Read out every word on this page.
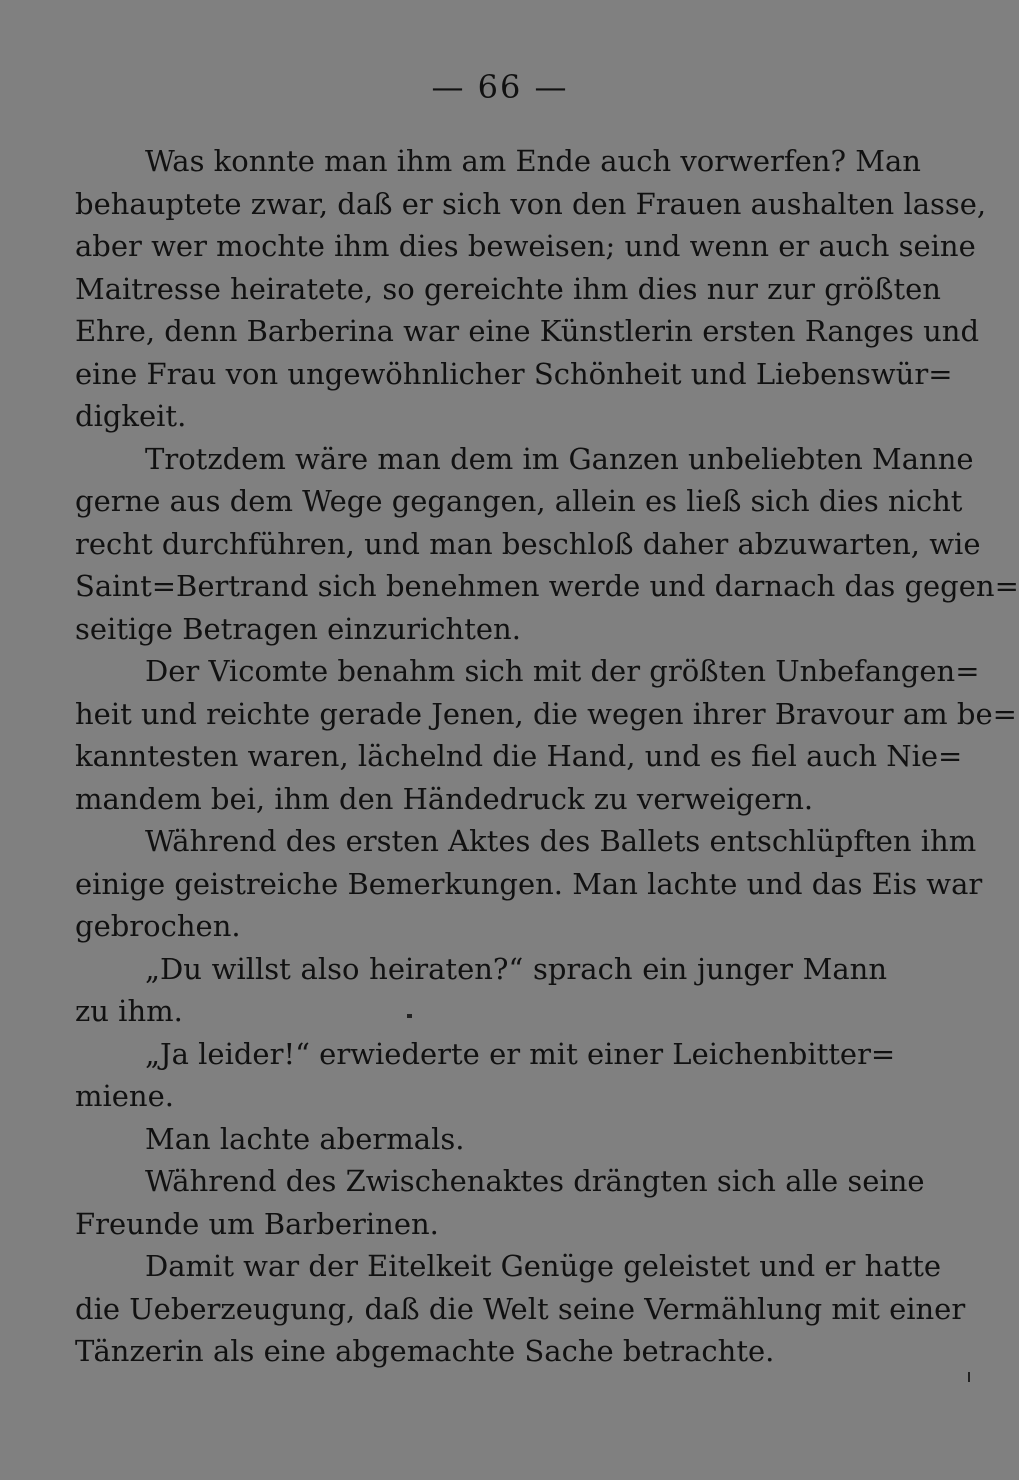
— 66 —
Was konnte man ihm am Ende auch vorwerfen? Man
behauptete zwar, daß er sich von den Frauen aushalten lasse,
aber wer mochte ihm dies beweisen; und wenn er auch seine
Maitresse heiratete, so gereichte ihm dies nur zur größten
Ehre, denn Barberina war eine Künstlerin ersten Ranges und
eine Frau von ungewöhnlicher Schönheit und Liebenswür=
digkeit.
Trotzdem wäre man dem im Ganzen unbeliebten Manne
gerne aus dem Wege gegangen, allein es ließ sich dies nicht
recht durchführen, und man beschloß daher abzuwarten, wie
Saint=Bertrand sich benehmen werde und darnach das gegen=
seitige Betragen einzurichten.
Der Vicomte benahm sich mit der größten Unbefangen=
heit und reichte gerade Jenen, die wegen ihrer Bravour am be=
kanntesten waren, lächelnd die Hand, und es fiel auch Nie=
mandem bei, ihm den Händedruck zu verweigern.
Während des ersten Aktes des Ballets entschlüpften ihm
einige geistreiche Bemerkungen. Man lachte und das Eis war
gebrochen.
„Du willst also heiraten?“ sprach ein junger Mann
zu ihm.
„Ja leider!“ erwiederte er mit einer Leichenbitter=
miene.
Man lachte abermals.
Während des Zwischenaktes drängten sich alle seine
Freunde um Barberinen.
Damit war der Eitelkeit Genüge geleistet und er hatte
die Ueberzeugung, daß die Welt seine Vermählung mit einer
Tänzerin als eine abgemachte Sache betrachte.
